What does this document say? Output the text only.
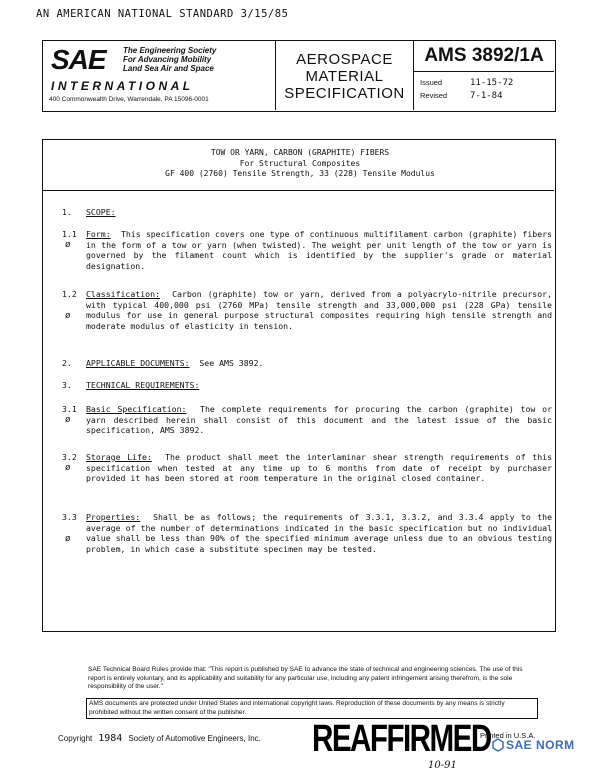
AN AMERICAN NATIONAL STANDARD 3/15/85
SAE The Engineering Society
For Advancing Mobility
Land Sea Air and Space
INTERNATIONAL
400 Commonwealth Drive, Warrendale, PA 15096-0001
AEROSPACE
MATERIAL
SPECIFICATION
AMS 3892/1A
Issued	11-15-72
Revised	7-1-84
TOW OR YARN, CARBON (GRAPHITE) FIBERS
For Structural Composites
GF 400 (2760) Tensile Strength, 33 (228) Tensile Modulus
1. SCOPE:
1.1 Form: This specification covers one type of continuous multifilament carbon (graphite) fibers in the form of a tow or yarn (when twisted). The weight per unit length of the tow or yarn is governed by the filament count which is identified by the supplier's grade or material designation.
ø
1.2 Classification: Carbon (graphite) tow or yarn, derived from a polyacrylo-nitrile precursor, with typical 400,000 psi (2760 MPa) tensile strength and 33,000,000 psi (228 GPa) tensile modulus for use in general purpose structural composites requiring high tensile strength and moderate modulus of elasticity in tension.
ø
2. APPLICABLE DOCUMENTS: See AMS 3892.
3. TECHNICAL REQUIREMENTS:
3.1 Basic Specification: The complete requirements for procuring the carbon (graphite) tow or yarn described herein shall consist of this document and the latest issue of the basic specification, AMS 3892.
ø
3.2 Storage Life: The product shall meet the interlaminar shear strength requirements of this specification when tested at any time up to 6 months from date of receipt by purchaser provided it has been stored at room temperature in the original closed container.
ø
3.3 Properties: Shall be as follows; the requirements of 3.3.1, 3.3.2, and 3.3.4 apply to the average of the number of determinations indicated in the basic specification but no individual value shall be less than 90% of the specified minimum average unless due to an obvious testing problem, in which case a substitute specimen may be tested.
ø
SAE Technical Board Rules provide that: "This report is published by SAE to advance the state of technical and engineering sciences. The use of this report is entirely voluntary, and its applicability and suitability for any particular use, including any patent infringement arising therefrom, is the sole responsibility of the user."
AMS documents are protected under United States and international copyright laws. Reproduction of these documents by any means is strictly prohibited without the written consent of the publisher.
Copyright 1984 Society of Automotive Engineers, Inc. REAFFIRMED
Printed in U.S.A.
SAE NORM
10-91
